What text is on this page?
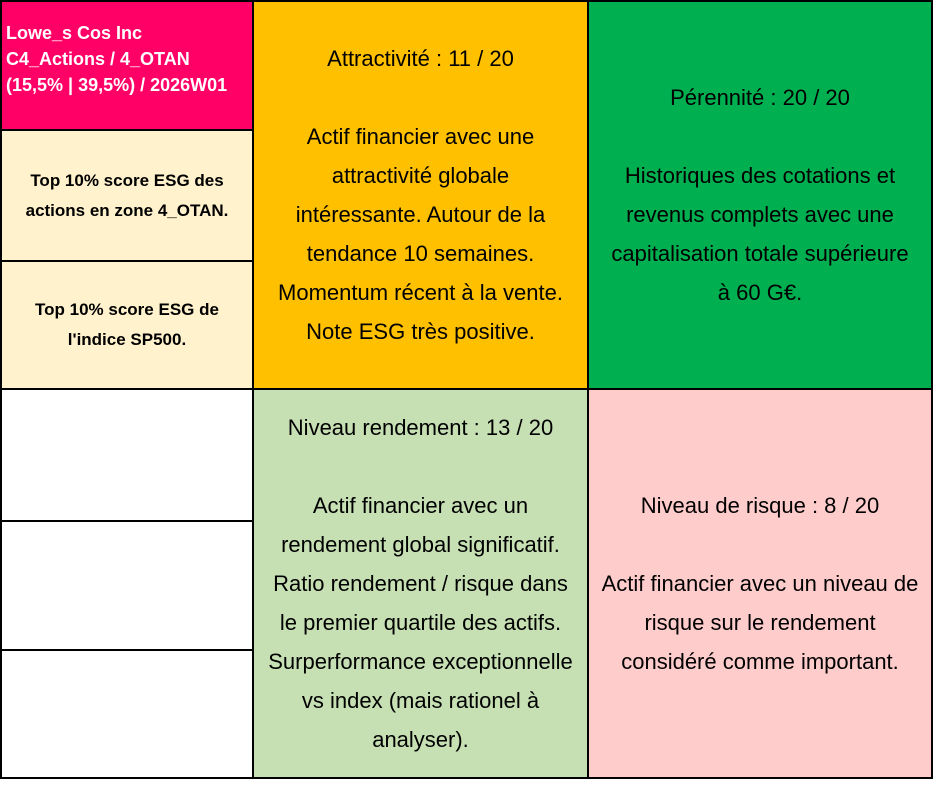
Lowe_s Cos Inc
C4_Actions / 4_OTAN
(15,5% | 39,5%) / 2026W01
Top 10% score ESG des
actions en zone 4_OTAN.
Top 10% score ESG de
l'indice SP500.
Attractivité : 11 / 20
Actif financier avec une
attractivité globale
intéressante. Autour de la
tendance 10 semaines.
Momentum récent à la vente.
Note ESG très positive.
Pérennité : 20 / 20
Historiques des cotations et
revenus complets avec une
capitalisation totale supérieure
à 60 G€.
Niveau rendement : 13 / 20
Actif financier avec un
rendement global significatif.
Ratio rendement / risque dans
le premier quartile des actifs.
Surperformance exceptionnelle
vs index (mais rationel à
analyser).
Niveau de risque : 8 / 20
Actif financier avec un niveau de
risque sur le rendement
considéré comme important.
